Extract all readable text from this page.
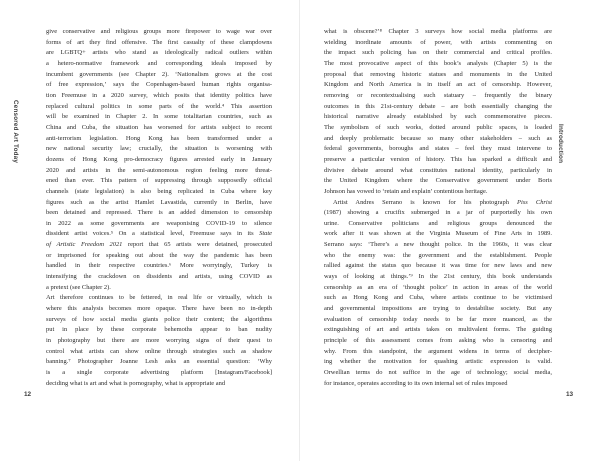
give conservative and religious groups more firepower to wage war over
forms of art they find offensive. The first casualty of these clampdowns
are LGBTQ+ artists who stand as ideologically radical outliers within
a hetero-normative framework and corresponding ideals imposed by
incumbent governments (see Chapter 2). ‘Nationalism grows at the cost
of free expression,’ says the Copenhagen-based human rights organisa-
tion Freemuse in a 2020 survey, which posits that identity politics have
replaced cultural politics in some parts of the world.⁴ This assertion
will be examined in Chapter 2. In some totalitarian countries, such as
China and Cuba, the situation has worsened for artists subject to recent
anti-terrorism legislation. Hong Kong has been transformed under a
new national security law; crucially, the situation is worsening with
dozens of Hong Kong pro-democracy figures arrested early in January
2020 and artists in the semi-autonomous region feeling more threat-
ened than ever. This pattern of suppressing through supposedly official
channels (state legislation) is also being replicated in Cuba where key
figures such as the artist Hamlet Lavastida, currently in Berlin, have
been detained and repressed. There is an added dimension to censorship
in 2022 as some governments are weaponising COVID-19 to silence
dissident artist voices.⁵ On a statistical level, Freemuse says in its State
of Artistic Freedom 2021 report that 65 artists were detained, prosecuted
or imprisoned for speaking out about the way the pandemic has been
handled in their respective countries.⁶ More worryingly, Turkey is
intensifying the crackdown on dissidents and artists, using COVID as
a pretext (see Chapter 2).
Art therefore continues to be fettered, in real life or virtually, which is
where this analysis becomes more opaque. There have been no in-depth
surveys of how social media giants police their content; the algorithms
put in place by these corporate behemoths appear to ban nudity
in photography but there are more worrying signs of their quest to
control what artists can show online through strategies such as shadow
banning.⁷ Photographer Joanne Lesh asks an essential question: ‘Why
is a single corporate advertising platform [Instagram/Facebook]
deciding what is art and what is pornography, what is appropriate and
what is obscene?’⁸ Chapter 3 surveys how social media platforms are
wielding inordinate amounts of power, with artists commenting on
the impact such policing has on their commercial and critical profiles.
The most provocative aspect of this book’s analysis (Chapter 5) is the
proposal that removing historic statues and monuments in the United
Kingdom and North America is in itself an act of censorship. However,
removing or recontextualising such statuary – frequently the binary
outcomes in this 21st-century debate – are both essentially changing the
historical narrative already established by such commemorative pieces.
The symbolism of such works, dotted around public spaces, is loaded
and deeply problematic because so many other stakeholders – such as
federal governments, boroughs and states – feel they must intervene to
preserve a particular version of history. This has sparked a difficult and
divisive debate around what constitutes national identity, particularly in
the United Kingdom where the Conservative government under Boris
Johnson has vowed to ‘retain and explain’ contentious heritage.
Artist Andres Serrano is known for his photograph Piss Christ
(1987) showing a crucifix submerged in a jar of purportedly his own
urine. Conservative politicians and religious groups denounced the
work after it was shown at the Virginia Museum of Fine Arts in 1989.
Serrano says: ‘There’s a new thought police. In the 1960s, it was clear
who the enemy was: the government and the establishment. People
rallied against the status quo because it was time for new laws and new
ways of looking at things.’⁹ In the 21st century, this book understands
censorship as an era of ‘thought police’ in action in areas of the world
such as Hong Kong and Cuba, where artists continue to be victimised
and governmental impositions are trying to destabilise society. But any
evaluation of censorship today needs to be far more nuanced, as the
extinguishing of art and artists takes on multivalent forms. The guiding
principle of this assessment comes from asking who is censoring and
why. From this standpoint, the argument widens in terms of decipher-
ing whether the motivation for quashing artistic expression is valid.
Orwellian terms do not suffice in the age of technology; social media,
for instance, operates according to its own internal set of rules imposed
Censored Art Today	Introduction
12	13
